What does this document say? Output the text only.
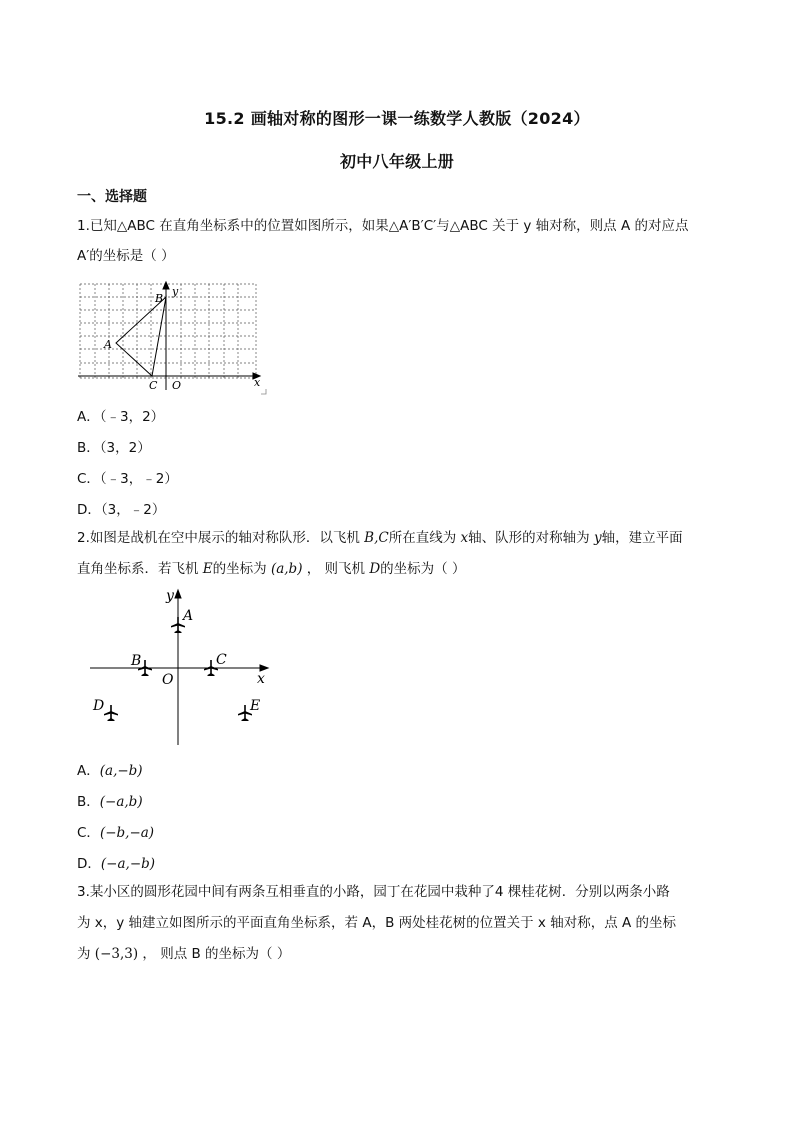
15.2 画轴对称的图形一课一练数学人教版（2024）
初中八年级上册
一、选择题
1.已知△ABC 在直角坐标系中的位置如图所示，如果△A′B′C′与△ABC 关于 y 轴对称，则点 A 的对应点
A′的坐标是（ ）
A
B
C O	x
y
A．（﹣3，2）
B．（3，2）
C．（﹣3，﹣2）
D．（3，﹣2）
2.如图是战机在空中展示的轴对称队形．以飞机 B,C所在直线为 x轴、队形的对称轴为 y轴，建立平面
直角坐标系．若飞机 E的坐标为 (a,b) ， 则飞机 D的坐标为（ ）
A
B	C
D	E
O	x
y
A．(a,−b)
B．(−a,b)
C．(−b,−a)
D．(−a,−b)
3.某小区的圆形花园中间有两条互相垂直的小路，园丁在花园中栽种了4 棵桂花树．分别以两条小路
为 x，y 轴建立如图所示的平面直角坐标系，若 A，B 两处桂花树的位置关于 x 轴对称，点 A 的坐标
为 (−3,3) ， 则点 B 的坐标为（ ）
